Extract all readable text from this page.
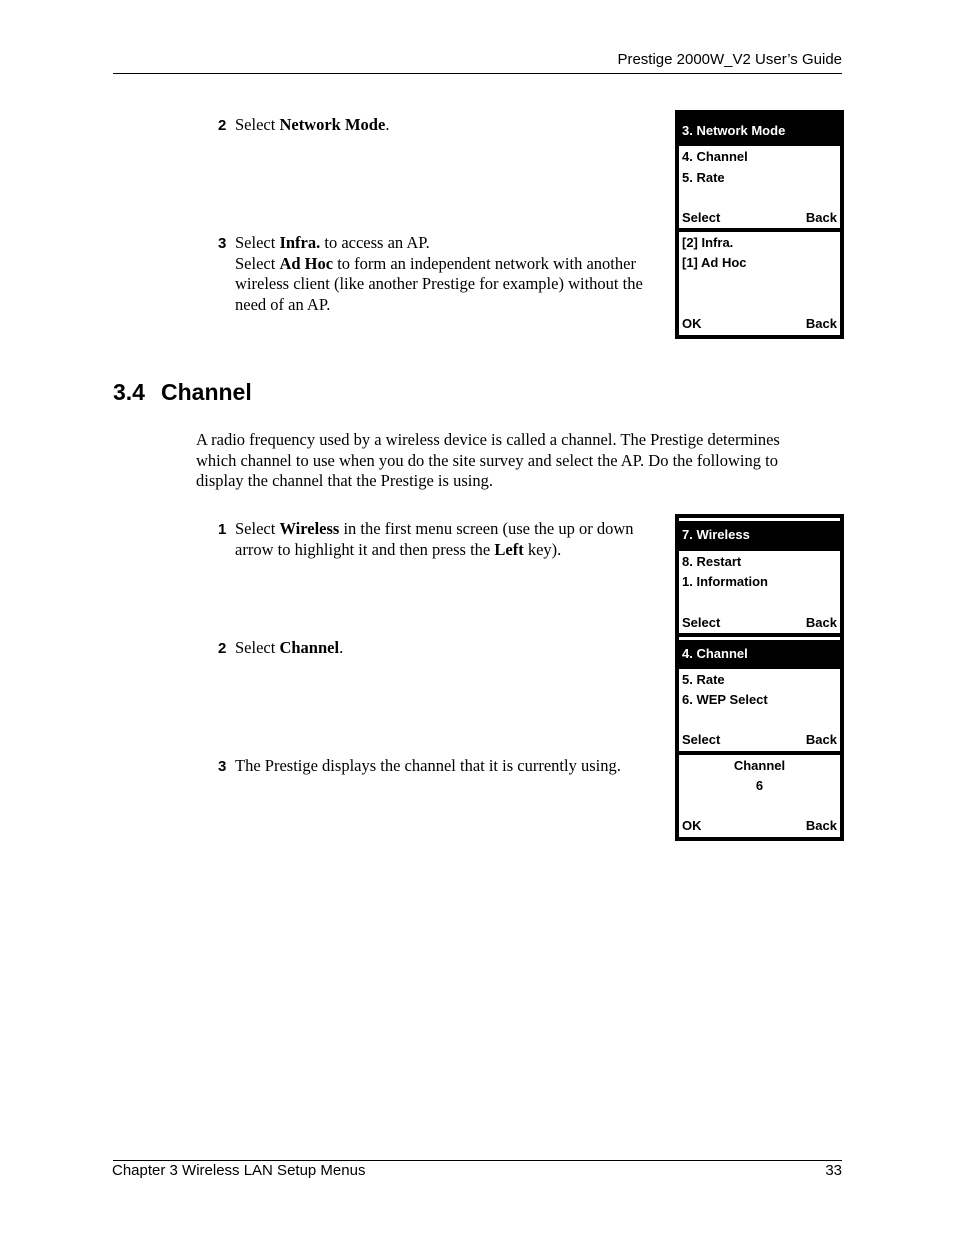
Prestige 2000W_V2 User’s Guide
2 Select Network Mode.
3 Select Infra. to access an AP.
Select Ad Hoc to form an independent network with another wireless client (like another Prestige for example) without the need of an AP.
3. Network Mode
4. Channel
5. Rate
Select	Back
[2] Infra.
[1] Ad Hoc
OK	Back
3.4 Channel
A radio frequency used by a wireless device is called a channel. The Prestige determines which channel to use when you do the site survey and select the AP. Do the following to display the channel that the Prestige is using.
1 Select Wireless in the first menu screen (use the up or down arrow to highlight it and then press the Left key).
2 Select Channel.
3 The Prestige displays the channel that it is currently using.
7. Wireless
8. Restart
1. Information
Select	Back
4. Channel
5. Rate
6. WEP Select
Select	Back
Channel
6
OK	Back
Chapter 3 Wireless LAN Setup Menus	33
